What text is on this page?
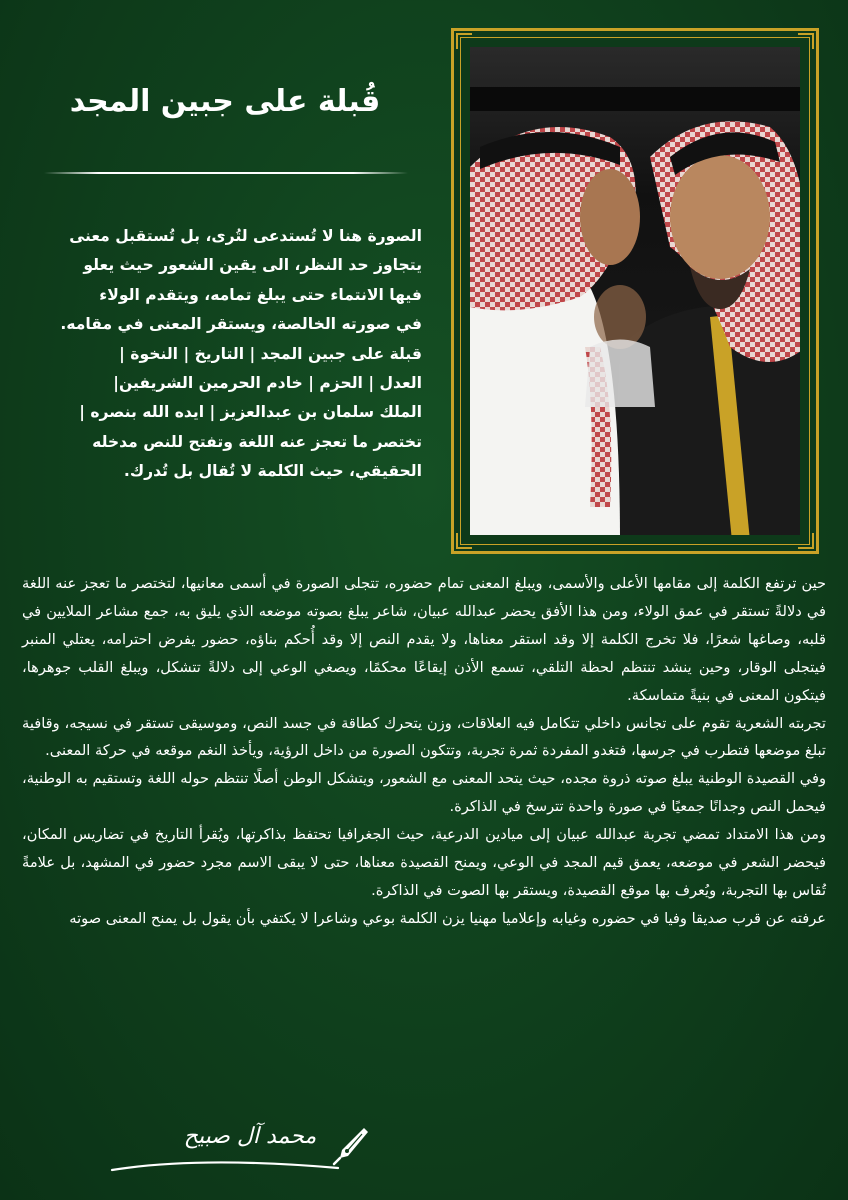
قُبلة على جبين المجد
الصورة هنا لا تُستدعى لتُرى، بل تُستقبل معنى
يتجاوز حد النظر، الى يقين الشعور حيث يعلو
فيها الانتماء حتى يبلغ تمامه، ويتقدم الولاء
في صورته الخالصة، ويستقر المعنى في مقامه.
قبلة على جبين المجد | التاريخ | النخوة |
العدل | الحزم | خادم الحرمين الشريفين|
الملك سلمان بن عبدالعزيز | ايده الله بنصره |
تختصر ما تعجز عنه اللغة وتفتح للنص مدخله
الحقيقي، حيث الكلمة لا تُقال بل تُدرك.

حين ترتفع الكلمة إلى مقامها الأعلى والأسمى، ويبلغ المعنى تمام حضوره، تتجلى الصورة في أسمى معانيها، لتختصر ما تعجز عنه اللغة في دلالةً تستقر في عمق الولاء، ومن هذا الأفق يحضر عبدالله عبيان، شاعر يبلغ بصوته موضعه الذي يليق به، جمع مشاعر الملايين في قلبه، وصاغها شعرًا، فلا تخرج الكلمة إلا وقد استقر معناها، ولا يقدم النص إلا وقد أُحكم بناؤه، حضور يفرض احترامه، يعتلي المنبر فيتجلى الوقار، وحين ينشد تنتظم لحظة التلقي، تسمع الأذن إيقاعًا محكمًا، ويصغي الوعي إلى دلالةً تتشكل، ويبلغ القلب جوهرها، فيتكون المعنى في بنيةً متماسكة.

تجربته الشعرية تقوم على تجانس داخلي تتكامل فيه العلاقات، وزن يتحرك كطاقة في جسد النص، وموسيقى تستقر في نسيجه، وقافية تبلغ موضعها فتطرب في جرسها، فتغدو المفردة ثمرة تجربة، وتتكون الصورة من داخل الرؤية، ويأخذ النغم موقعه في حركة المعنى.

وفي القصيدة الوطنية يبلغ صوته ذروة مجده، حيث يتحد المعنى مع الشعور، ويتشكل الوطن أصلًا تنتظم حوله اللغة وتستقيم به الوطنية، فيحمل النص وجدانًا جمعيًا في صورة واحدة تترسخ في الذاكرة.

ومن هذا الامتداد تمضي تجربة عبدالله عبيان إلى ميادين الدرعية، حيث الجغرافيا تحتفظ بذاكرتها، ويُقرأ التاريخ في تضاريس المكان، فيحضر الشعر في موضعه، يعمق قيم المجد في الوعي، ويمنح القصيدة معناها، حتى لا يبقى الاسم مجرد حضور في المشهد، بل علامةً تُقاس بها التجربة، ويُعرف بها موقع القصيدة، ويستقر بها الصوت في الذاكرة.

عرفته عن قرب صديقا وفيا في حضوره وغيابه وإعلاميا مهنيا يزن الكلمة بوعي وشاعرا لا يكتفي بأن يقول بل يمنح المعنى صوته

محمد آل صبيح
